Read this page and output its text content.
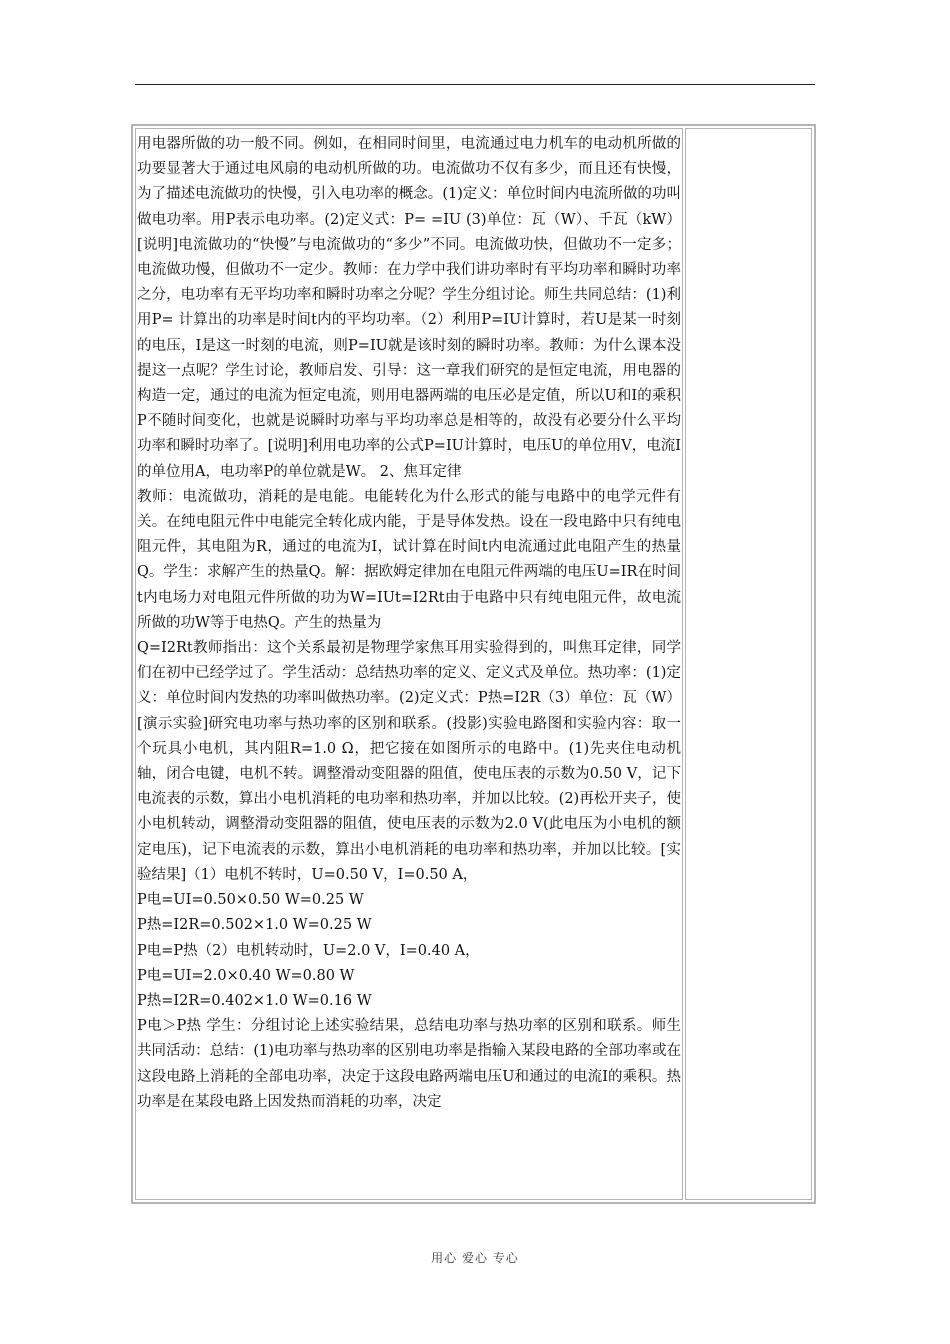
用电器所做的功一般不同。例如，在相同时间里，电流通过电力机车的电动机所做的功要显著大于通过电风扇的电动机所做的功。电流做功不仅有多少，而且还有快慢，为了描述电流做功的快慢，引入电功率的概念。(1)定义：单位时间内电流所做的功叫做电功率。用P表示电功率。(2)定义式：P= =IU (3)单位：瓦（W）、千瓦（kW）[说明]电流做功的“快慢”与电流做功的“多少”不同。电流做功快，但做功不一定多；电流做功慢，但做功不一定少。教师：在力学中我们讲功率时有平均功率和瞬时功率之分，电功率有无平均功率和瞬时功率之分呢？学生分组讨论。师生共同总结：(1)利用P= 计算出的功率是时间t内的平均功率。（2）利用P=IU计算时，若U是某一时刻的电压，I是这一时刻的电流，则P=IU就是该时刻的瞬时功率。教师：为什么课本没提这一点呢？学生讨论，教师启发、引导：这一章我们研究的是恒定电流，用电器的构造一定，通过的电流为恒定电流，则用电器两端的电压必是定值，所以U和I的乘积P不随时间变化，也就是说瞬时功率与平均功率总是相等的，故没有必要分什么平均功率和瞬时功率了。[说明]利用电功率的公式P=IU计算时，电压U的单位用V，电流I的单位用A，电功率P的单位就是W。 2、焦耳定律

教师：电流做功，消耗的是电能。电能转化为什么形式的能与电路中的电学元件有关。在纯电阻元件中电能完全转化成内能，于是导体发热。设在一段电路中只有纯电阻元件，其电阻为R，通过的电流为I，试计算在时间t内电流通过此电阻产生的热量Q。学生：求解产生的热量Q。解：据欧姆定律加在电阻元件两端的电压U=IR在时间t内电场力对电阻元件所做的功为W=IUt=I2Rt由于电路中只有纯电阻元件，故电流所做的功W等于电热Q。产生的热量为

Q=I2Rt教师指出：这个关系最初是物理学家焦耳用实验得到的，叫焦耳定律，同学们在初中已经学过了。学生活动：总结热功率的定义、定义式及单位。热功率：(1)定义：单位时间内发热的功率叫做热功率。(2)定义式：P热=I2R（3）单位：瓦（W）[演示实验]研究电功率与热功率的区别和联系。(投影)实验电路图和实验内容：取一个玩具小电机，其内阻R=1.0 Ω，把它接在如图所示的电路中。(1)先夹住电动机轴，闭合电键，电机不转。调整滑动变阻器的阻值，使电压表的示数为0.50 V，记下电流表的示数，算出小电机消耗的电功率和热功率，并加以比较。(2)再松开夹子，使小电机转动，调整滑动变阻器的阻值，使电压表的示数为2.0 V(此电压为小电机的额定电压)，记下电流表的示数，算出小电机消耗的电功率和热功率，并加以比较。[实验结果]（1）电机不转时，U=0.50 V，I=0.50 A，

P电=UI=0.50×0.50 W=0.25 W

P热=I2R=0.502×1.0 W=0.25 W

P电=P热（2）电机转动时，U=2.0 V，I=0.40 A，

P电=UI=2.0×0.40 W=0.80 W

P热=I2R=0.402×1.0 W=0.16 W

P电＞P热 学生：分组讨论上述实验结果，总结电功率与热功率的区别和联系。师生共同活动：总结：(1)电功率与热功率的区别电功率是指输入某段电路的全部功率或在这段电路上消耗的全部电功率，决定于这段电路两端电压U和通过的电流I的乘积。热功率是在某段电路上因发热而消耗的功率，决定

用心 爱心 专心
